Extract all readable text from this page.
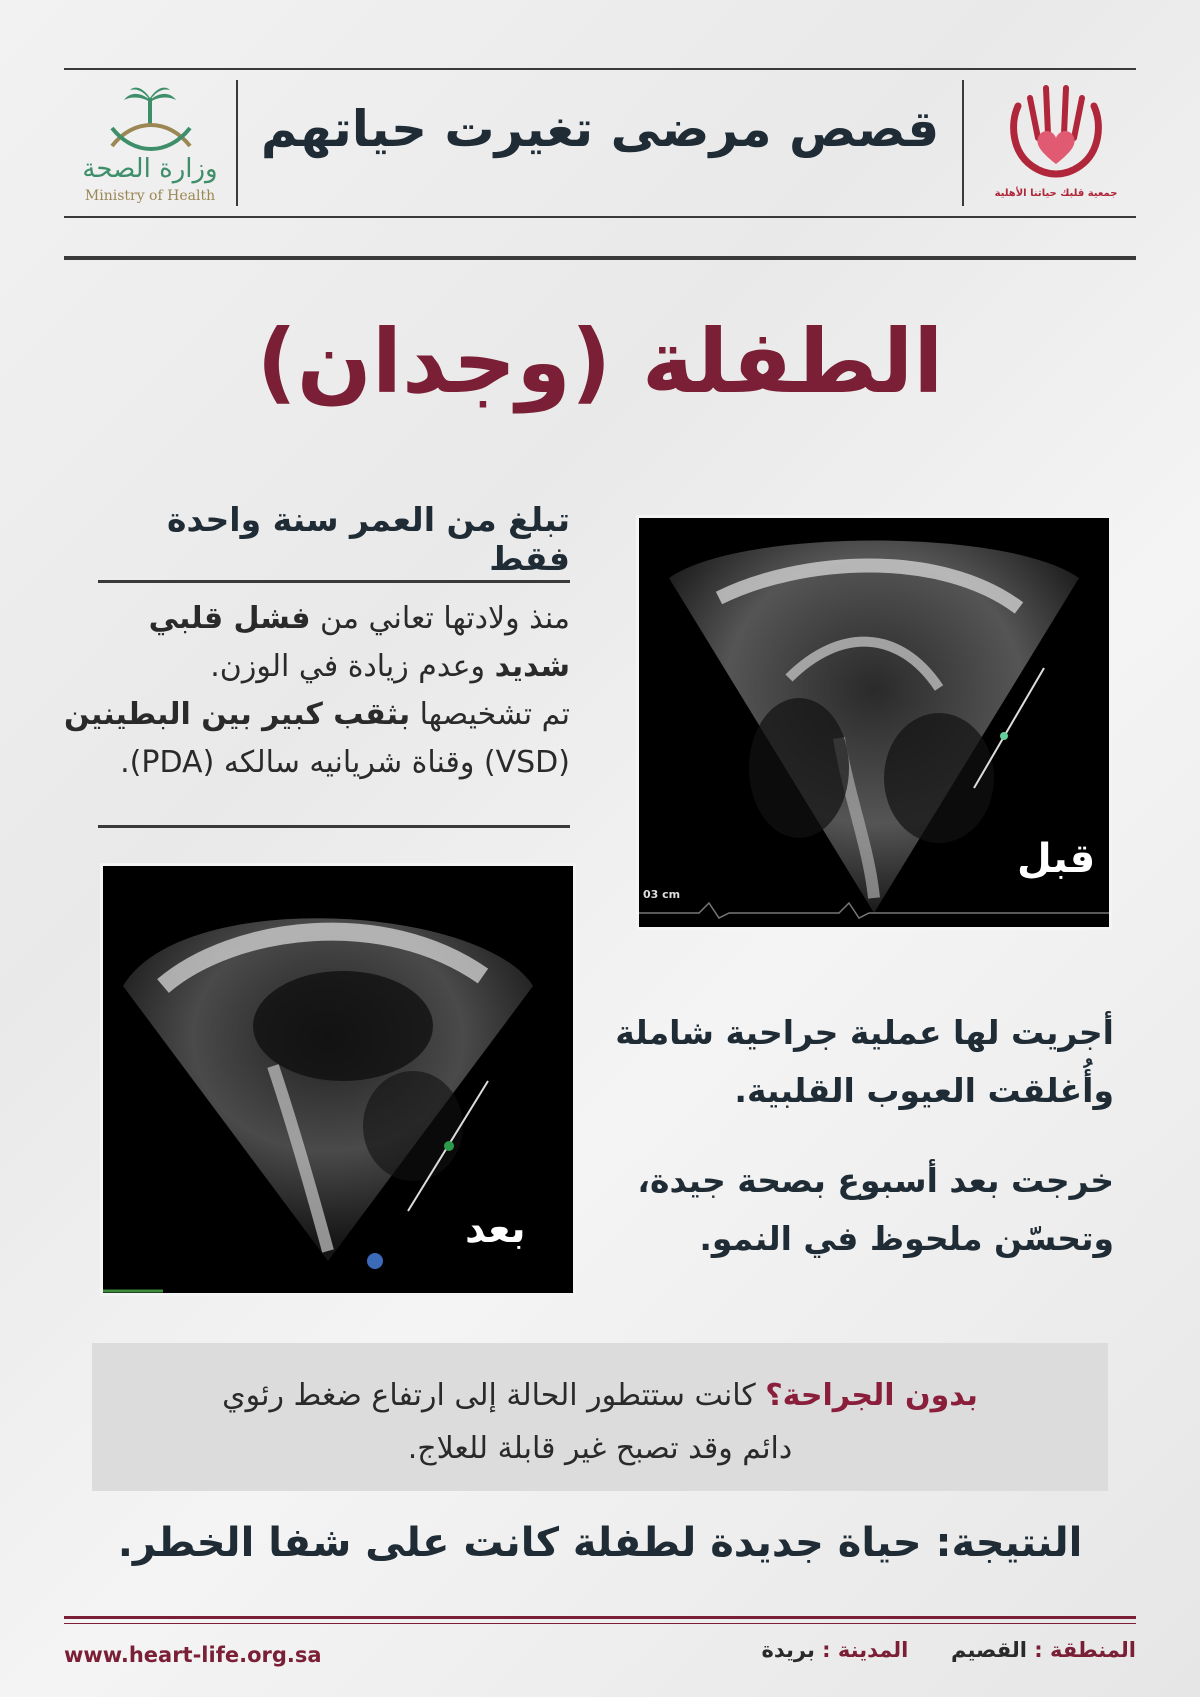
وزارة الصحة
Ministry of Health
قصص مرضى تغيرت حياتهم
جمعية قلبك حياتنا الأهلية
الطفلة (وجدان)
تبلغ من العمر سنة واحدة فقط
منذ ولادتها تعاني من فشل قلبي
شديد وعدم زيادة في الوزن.
تم تشخيصها بثقب كبير بين البطينين
(VSD) وقناة شريانيه سالكه (PDA).
03 cm
قبل
بعد
أجريت لها عملية جراحية شاملة
وأُغلقت العيوب القلبية.
خرجت بعد أسبوع بصحة جيدة،
وتحسّن ملحوظ في النمو.
بدون الجراحة؟ كانت ستتطور الحالة إلى ارتفاع ضغط رئوي
دائم وقد تصبح غير قابلة للعلاج.
النتيجة: حياة جديدة لطفلة كانت على شفا الخطر.
www.heart-life.org.sa	المنطقة : القصيم  المدينة : بريدة
